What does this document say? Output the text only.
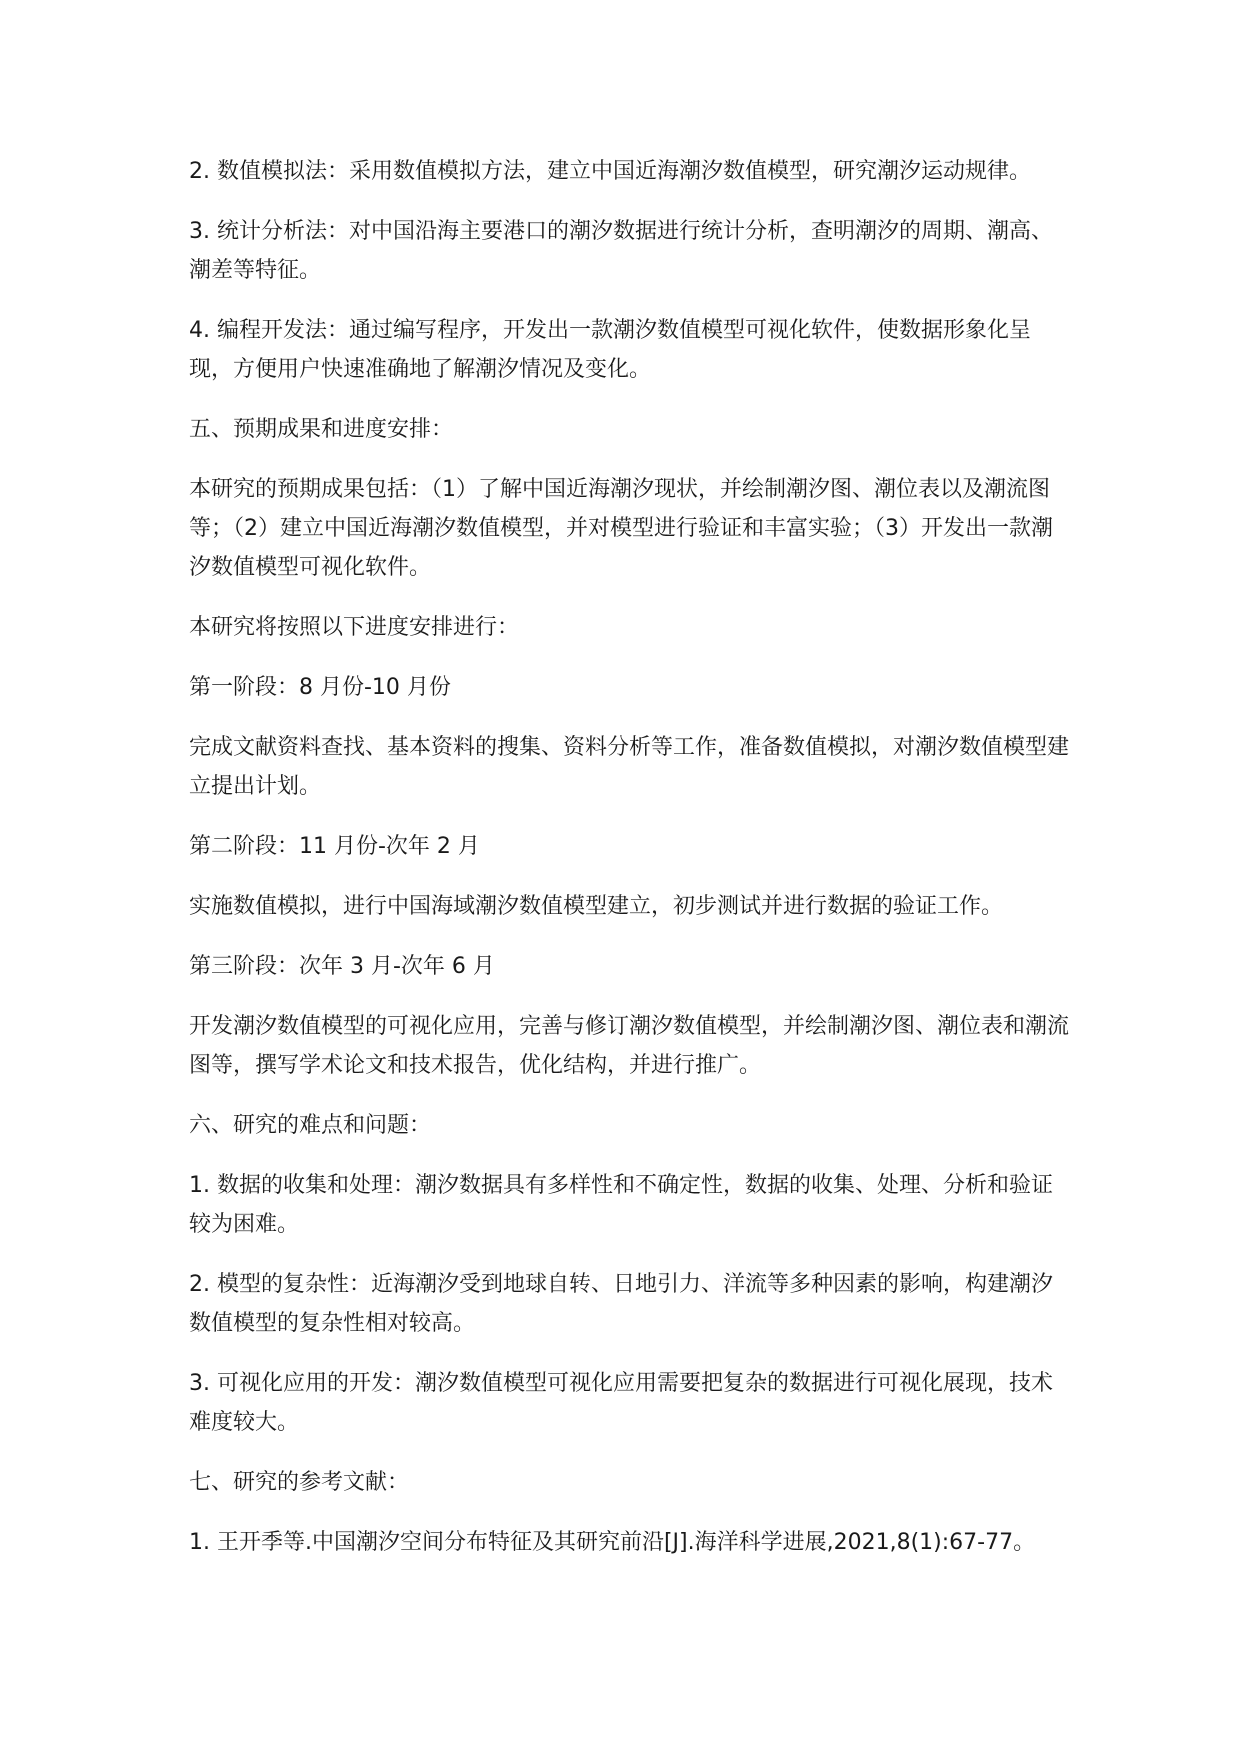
2. 数值模拟法：采用数值模拟方法，建立中国近海潮汐数值模型，研究潮汐运动规律。

3. 统计分析法：对中国沿海主要港口的潮汐数据进行统计分析，查明潮汐的周期、潮高、潮差等特征。

4. 编程开发法：通过编写程序，开发出一款潮汐数值模型可视化软件，使数据形象化呈现，方便用户快速准确地了解潮汐情况及变化。

五、预期成果和进度安排：

本研究的预期成果包括：（1）了解中国近海潮汐现状，并绘制潮汐图、潮位表以及潮流图等；（2）建立中国近海潮汐数值模型，并对模型进行验证和丰富实验；（3）开发出一款潮汐数值模型可视化软件。

本研究将按照以下进度安排进行：

第一阶段：8 月份-10 月份

完成文献资料查找、基本资料的搜集、资料分析等工作，准备数值模拟，对潮汐数值模型建立提出计划。

第二阶段：11 月份-次年 2 月

实施数值模拟，进行中国海域潮汐数值模型建立，初步测试并进行数据的验证工作。

第三阶段：次年 3 月-次年 6 月

开发潮汐数值模型的可视化应用，完善与修订潮汐数值模型，并绘制潮汐图、潮位表和潮流图等，撰写学术论文和技术报告，优化结构，并进行推广。

六、研究的难点和问题：

1. 数据的收集和处理：潮汐数据具有多样性和不确定性，数据的收集、处理、分析和验证较为困难。

2. 模型的复杂性：近海潮汐受到地球自转、日地引力、洋流等多种因素的影响，构建潮汐数值模型的复杂性相对较高。

3. 可视化应用的开发：潮汐数值模型可视化应用需要把复杂的数据进行可视化展现，技术难度较大。

七、研究的参考文献：

1. 王开季等.中国潮汐空间分布特征及其研究前沿[J].海洋科学进展,2021,8(1):67-77。
